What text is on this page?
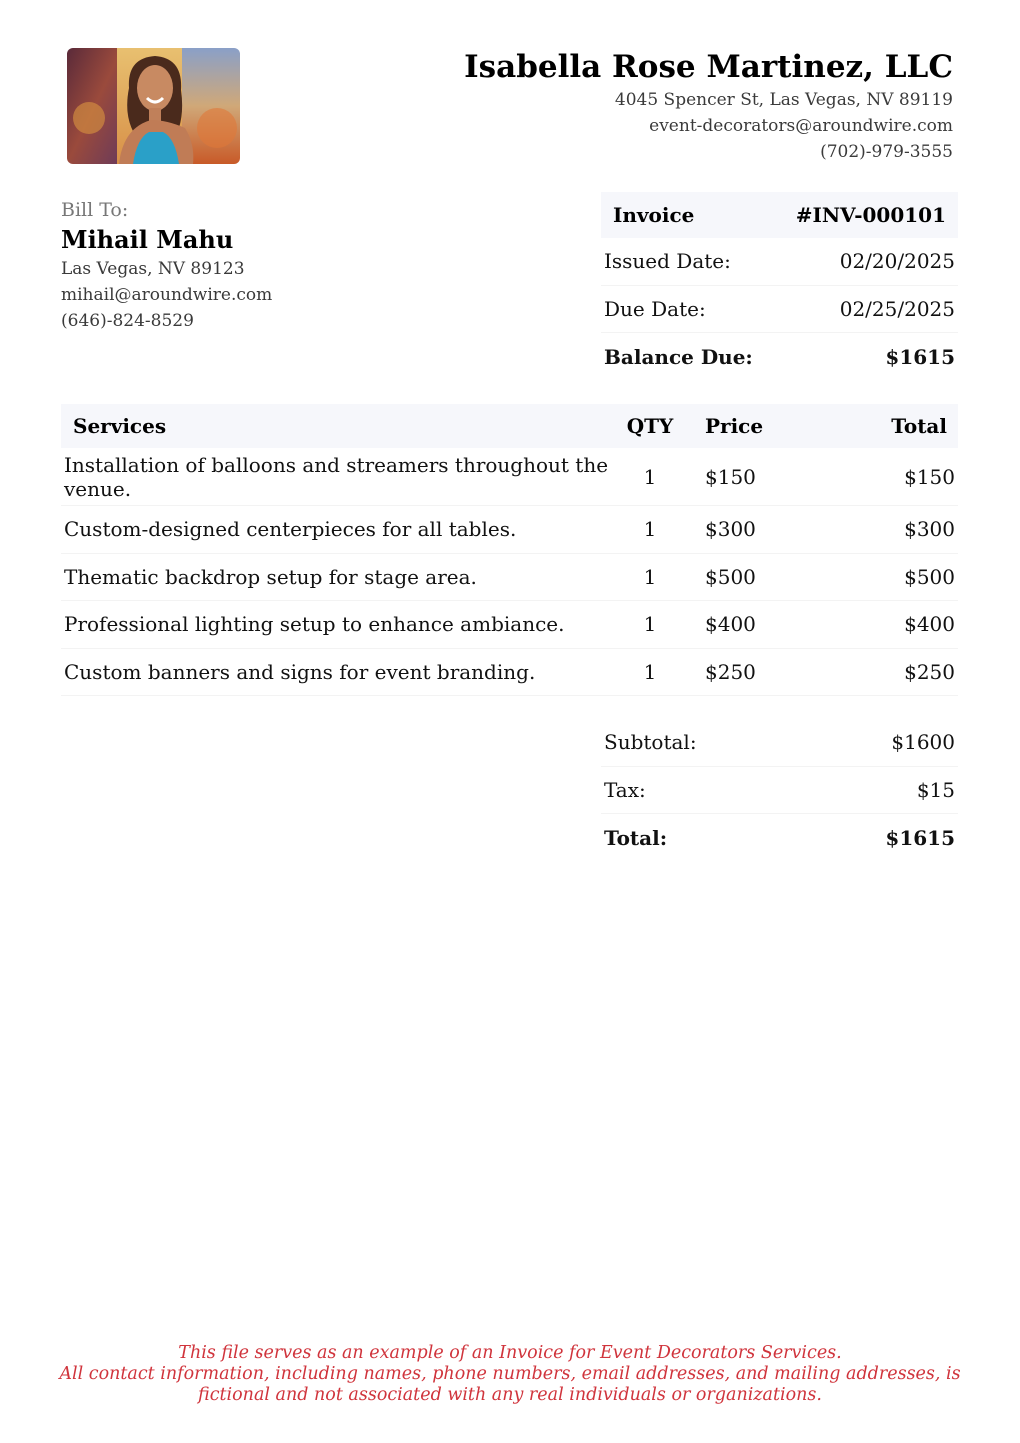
Isabella Rose Martinez, LLC
4045 Spencer St, Las Vegas, NV 89119
event-decorators@aroundwire.com
(702)-979-3555
Bill To:
Mihail Mahu
Las Vegas, NV 89123
mihail@aroundwire.com
(646)-824-8529
Invoice	#INV-000101
Issued Date:	02/20/2025
Due Date:	02/25/2025
Balance Due:	$1615
Services	QTY	Price	Total
Installation of balloons and streamers throughout the venue.	1	$150	$150
Custom-designed centerpieces for all tables.	1	$300	$300
Thematic backdrop setup for stage area.	1	$500	$500
Professional lighting setup to enhance ambiance.	1	$400	$400
Custom banners and signs for event branding.	1	$250	$250
Subtotal:	$1600
Tax:	$15
Total:	$1615
This file serves as an example of an Invoice for Event Decorators Services.
All contact information, including names, phone numbers, email addresses, and mailing addresses, is
fictional and not associated with any real individuals or organizations.
